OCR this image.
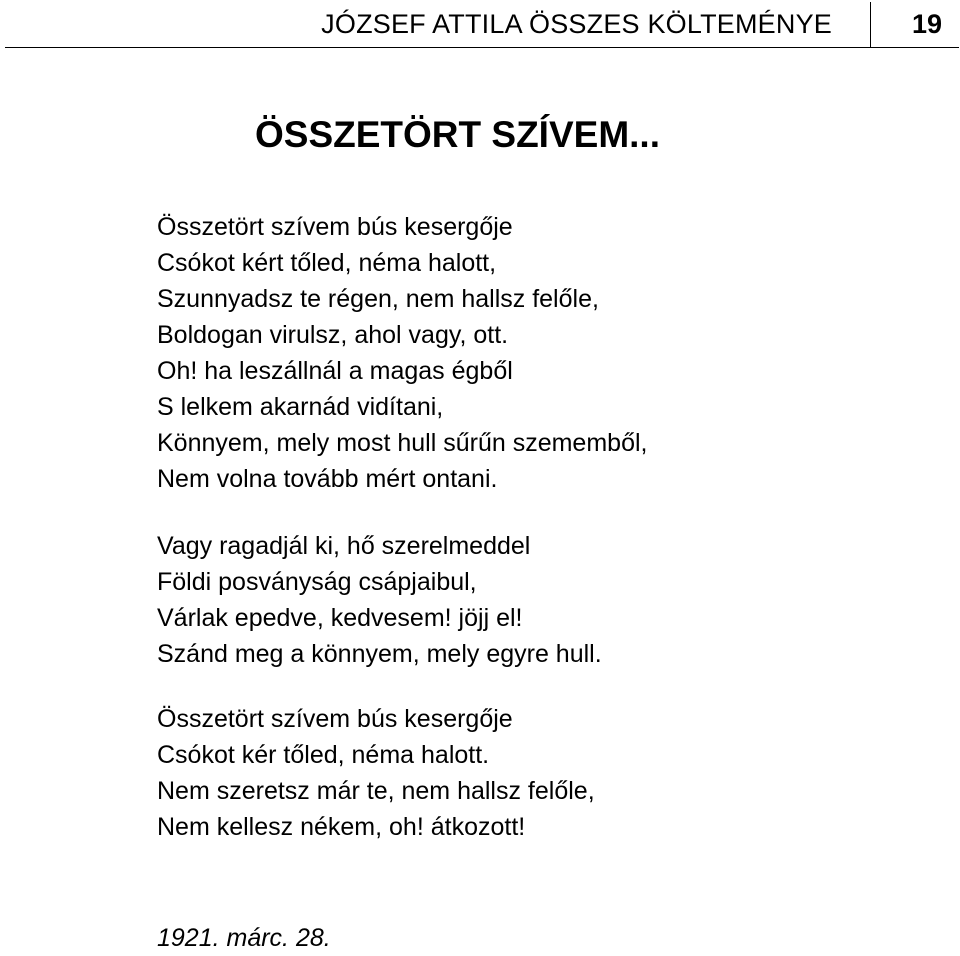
JÓZSEF ATTILA ÖSSZES KÖLTEMÉNYE	19
ÖSSZETÖRT SZÍVEM...
Összetört szívem bús kesergője
Csókot kért tőled, néma halott,
Szunnyadsz te régen, nem hallsz felőle,
Boldogan virulsz, ahol vagy, ott.
Oh! ha leszállnál a magas égből
S lelkem akarnád vidítani,
Könnyem, mely most hull sűrűn szememből,
Nem volna tovább mért ontani.
Vagy ragadjál ki, hő szerelmeddel
Földi posványság csápjaibul,
Várlak epedve, kedvesem! jöjj el!
Szánd meg a könnyem, mely egyre hull.
Összetört szívem bús kesergője
Csókot kér tőled, néma halott.
Nem szeretsz már te, nem hallsz felőle,
Nem kellesz nékem, oh! átkozott!
1921. márc. 28.
